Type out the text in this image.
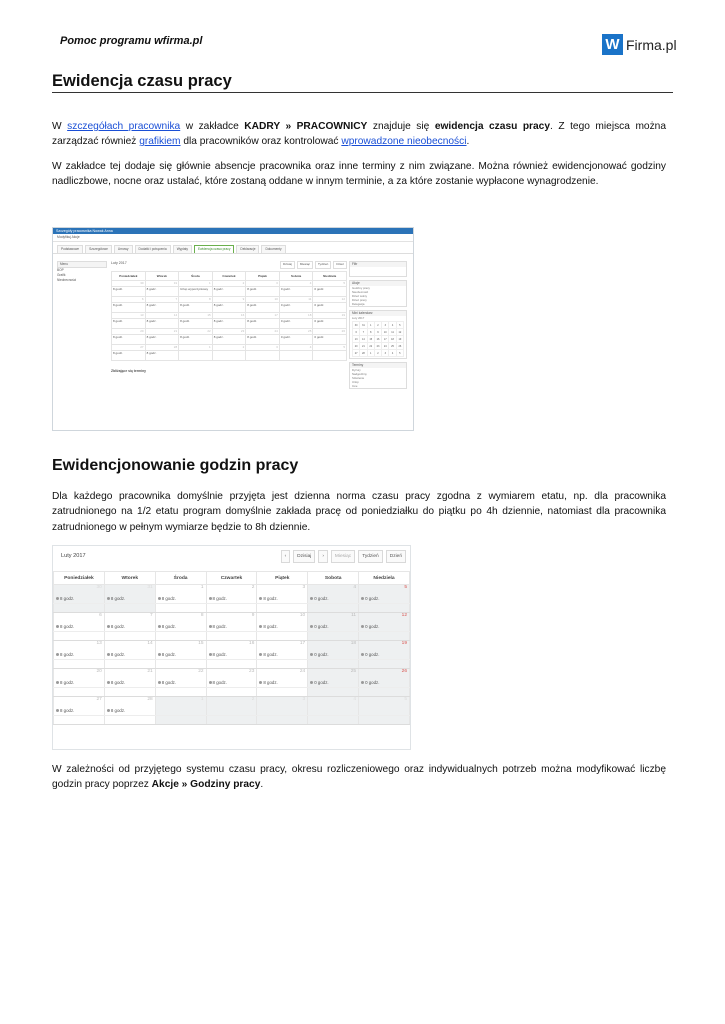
Pomoc programu wfirma.pl	W Firma.pl
Ewidencja czasu pracy

W szczegółach pracownika w zakładce KADRY » PRACOWNICY znajduje się ewidencja czasu pracy. Z tego miejsca można zarządzać również grafikiem dla pracowników oraz kontrolować wprowadzone nieobecności.

W zakładce tej dodaje się głównie absencje pracownika oraz inne terminy z nim związane. Można również ewidencjonować godziny nadliczbowe, nocne oraz ustalać, które zostaną oddane w innym terminie, a za które zostanie wypłacone wynagrodzenie.

Szczegóły pracownika Nowak Anna
Modyfikuj Akcje
Podstawowe	Szczegółowe	Umowy	Dodatki i potrącenia	Wypłaty	Ewidencja czasu pracy	Deklaracje	Dokumenty
Menu
BOP
Grafik
Nieobecności
Luty 2017	Dzisiaj	Miesiąc	Tydzień	Dzień
Poniedziałek	Wtorek	Środa	Czwartek	Piątek	Sobota	Niedziela
30	31	1	2	3	4	5
8 godz.	8 godz.	Urlop wypoczynkowy	8 godz.	8 godz.	0 godz.	0 godz.
6	7	8	9	10	11	12
8 godz.	8 godz.	8 godz.	8 godz.	8 godz.	0 godz.	0 godz.
13	14	15	16	17	18	19
8 godz.	8 godz.	8 godz.	8 godz.	8 godz.	0 godz.	0 godz.
20	21	22	23	24	25	26
8 godz.	8 godz.	8 godz.	8 godz.	8 godz.	0 godz.	0 godz.
27	28	1	2	3	4	5
8 godz.	8 godz.					
Zbliżające się terminy
Filtr
Akcje
Godziny pracy
Nieobecność
Dzień wolny
Dzień pracy
Delegacja
Mini kalendarz
Luty 2017
30	31	1	2	3	4	5
6	7	8	9	10	11	12
13	14	15	16	17	18	19
20	21	22	23	24	25	26
27	28	1	2	3	4	5
Terminy
Dyżury
Nadgodziny
Szkolenie
Urlop
Inne
Ewidencjonowanie godzin pracy

Dla każdego pracownika domyślnie przyjęta jest dzienna norma czasu pracy zgodna z wymiarem etatu, np. dla pracownika zatrudnionego na 1/2 etatu program domyślnie zakłada pracę od poniedziałku do piątku po 4h dziennie, natomiast dla pracownika zatrudnionego w pełnym wymiarze będzie to 8h dziennie.

Luty 2017	‹	Dzisiaj	›	Miesiąc	Tydzień	Dzień
Poniedziałek	Wtorek	Środa	Czwartek	Piątek	Sobota	Niedziela
30	31	1	2	3	4	5
8 godz.	8 godz.	8 godz.	8 godz.	8 godz.	0 godz.	0 godz.

6	7	8	9	10	11	12
8 godz.	8 godz.	8 godz.	8 godz.	8 godz.	0 godz.	0 godz.

13	14	15	16	17	18	19
8 godz.	8 godz.	8 godz.	8 godz.	8 godz.	0 godz.	0 godz.

20	21	22	23	24	25	26
8 godz.	8 godz.	8 godz.	8 godz.	8 godz.	0 godz.	0 godz.

27	28	1	2	3	4	5
8 godz.	8 godz.					

W zależności od przyjętego systemu czasu pracy, okresu rozliczeniowego oraz indywidualnych potrzeb można modyfikować liczbę godzin pracy poprzez Akcje » Godziny pracy.
